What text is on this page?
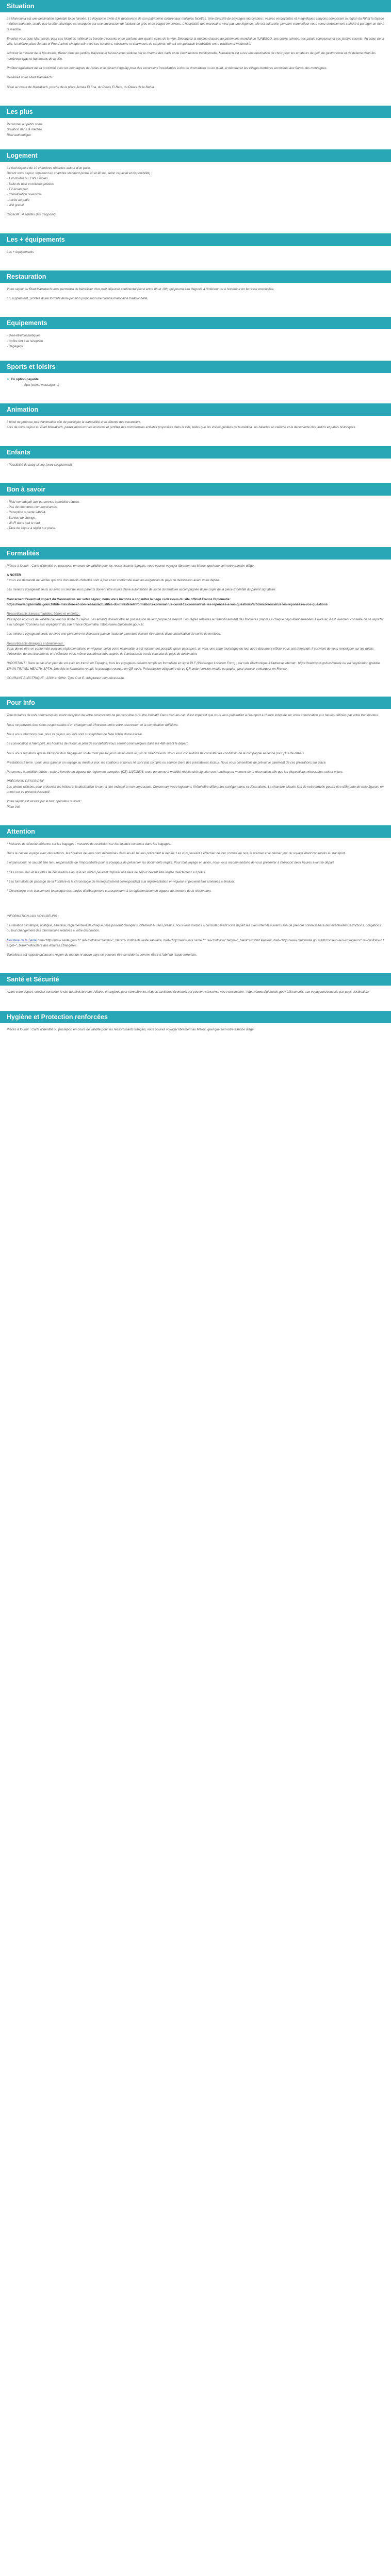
Situation

La Mamounia est une destination agréable toute l'année. Le Royaume invite à la découverte de son patrimoine culturel aux multiples facettes. Une diversité de paysages incroyables : vallées verdoyantes et magnifiques canyons composent la région du Rif et la façade méditerranéenne, tandis que la côte atlantique est marquée par une succession de falaises de grès et de plages immenses. L'hospitalité des marocains n'est pas une légende, elle est culturelle, pendant votre séjour vous serez certainement sollicité à partager un thé à la menthe.

Envolez-vous pour Marrakech, pour ses histoires millénaires bercée d'accents et de parfums aux quatre coins de la ville. Découvrez la médina classée au patrimoine mondial de l'UNESCO, ses souks animés, ses palais somptueux et ses jardins secrets. Au cœur de la ville, la célèbre place Jemaa el Fna s'anime chaque soir avec ses conteurs, musiciens et charmeurs de serpents, offrant un spectacle inoubliable entre tradition et modernité.

Admirez le minaret de la Koutoubia, flânez dans les jardins Majorelle et laissez-vous séduire par le charme des riads et de l'architecture traditionnelle. Marrakech est aussi une destination de choix pour les amateurs de golf, de gastronomie et de détente dans les nombreux spas et hammams de la ville.

Profitez également de sa proximité avec les montagnes de l'Atlas et le désert d'Agafay pour des excursions inoubliables à dos de dromadaire ou en quad, et découvrez les villages berbères accrochés aux flancs des montagnes.

Réservez votre Riad Marrakech !

Situé au coeur de Marrakech, proche de la place Jemaa El Fna, du Palais El Badi, du Palais de la Bahia.

Les plus

Personnel au petits soins

Situation dans la médina

Riad authentique

Logement

Le riad dispose de 10 chambres réparties autour d'un patio.

Durant votre séjour, logement en chambre standard (entre 20 et 40 m², selon capacité et disponibilité) :

- 1 lit double ou 2 lits simples

- Salle de bain et toilettes privées

- TV écran plat

- Climatisation réversible

- Accès au patio

- Wifi gratuit

Capacité : 4 adultes (lits d'appoint).

Les + équipements

Les + équipements

Restauration

Votre séjour au Riad Marrakech vous permettra de bénéficier d'un petit déjeuner continental (servi entre 8h et 10h) qui pourra être dégusté à l'intérieur ou à l'extérieur en terrasse ensoleillée.

En supplément, profitez d'une formule demi-pension proposant une cuisine marocaine traditionnelle.

Equipements

- Bien-être/cosmétiques

- Coffre fort à la réception

- Bagagerie

Sports et loisirs

✦ En option payante

- Spa (soins, massages...)

Animation

L'hôtel ne propose pas d'animation afin de privilégier la tranquillité et la détente des vacanciers.

Lors de votre séjour au Riad Marrakech, partez découvrir les environs et profitez des nombreuses activités proposées dans la ville, telles que les visites guidées de la médina, les balades en calèche et la découverte des jardins et palais historiques.

Enfants

- Possibilité de baby-sitting (avec supplément).

Bon à savoir

- Riad non adapté aux personnes à mobilité réduite.

- Pas de chambres communicantes.

- Réception ouverte 24h/24.

- Service de change.

- Wi-Fi dans tout le riad.

- Taxe de séjour à régler sur place.

Formalités

Pièces à fournir : Carte d'identité ou passeport en cours de validité pour les ressortissants français, vous pouvez voyager librement au Maroc, quel que soit votre tranche d'âge.

A NOTER

Il vous est demandé de vérifier que vos documents d'identité sont à jour et en conformité avec les exigences du pays de destination avant votre départ.

Les mineurs voyageant seuls ou avec un seul de leurs parents doivent être munis d'une autorisation de sortie du territoire accompagnée d'une copie de la pièce d'identité du parent signataire.

Concernant l'éventuel impact du Coronavirus sur votre séjour, nous vous invitons à consulter la page ci-dessous du site officiel France Diplomatie :

https://www.diplomatie.gouv.fr/fr/le-ministere-et-son-reseau/actualites-du-ministere/informations-coronavirus-covid-19/coronavirus-les-reponses-a-vos-questions/article/coronavirus-les-reponses-a-vos-questions

Ressortissants français (adultes, bébés et enfants) :

Passeport en cours de validité couvrant la durée du séjour. Les enfants doivent être en possession de leur propre passeport. Les règles relatives au franchissement des frontières propres à chaque pays étant amenées à évoluer, il est vivement conseillé de se reporter à la rubrique "Conseils aux voyageurs" du site France Diplomatie, https://www.diplomatie.gouv.fr/.

Les mineurs voyageant seuls ou avec une personne ne disposant pas de l'autorité parentale doivent être munis d'une autorisation de sortie de territoire.

Ressortissants étrangers et binationaux :

Vous devez être en conformité avec les règlementations en vigueur, selon votre nationalité. Il est notamment possible qu'un passeport, un visa, une carte touristique ou tout autre document officiel vous soit demandé. Il convient de vous renseigner sur les délais d'obtention de ces documents et d'effectuer vous-même vos démarches auprès de l'ambassade ou du consulat du pays de destination.

IMPORTANT : Dans le cas d'un plan de vol avec un transit en Espagne, tous les voyageurs doivent remplir un formulaire en ligne PLF (Passenger Location Form) ; par voie électronique à l'adresse internet : https://www.spth.gob.es/create ou via l'application gratuite SPAIN TRAVEL HEALTH-SPTH. Une fois le formulaire rempli, le passager recevra un QR code. Présentation obligatoire de ce QR code (version mobile ou papier) pour pouvoir embarquer en France.

COURANT ELECTRIQUE : 220V et 50Hz. Type C et E. Adaptateur non nécessaire.

Pour info

Tous horaires de vols communiqués avant réception de votre convocation ne peuvent être qu'à titre indicatif. Dans tous les cas, il est impératif que vous vous présentiez à l'aéroport à l'heure indiquée sur votre convocation aux heures définies par votre transporteur.

Nous ne pouvons être tenus responsables d'un changement d'horaires entre votre réservation et la convocation définitive.

Nous vous informons que, pour ce séjour, les vols sont susceptibles de faire l'objet d'une escale.

La convocation à l'aéroport, les horaires de retour, le plan de vol définitif vous seront communiqués dans les 48h avant le départ.

Nous vous signalons que le transport d'un bagage en soute n'est pas toujours inclus dans le prix du billet d'avion. Nous vous conseillons de consulter les conditions de la compagnie aérienne pour plus de détails.

Prestations à terre : pour vous garantir un voyage au meilleur prix, les cotations et bonus ne sont pas compris ou service client des prestataires locaux. Nous vous conseillons de prévoir le paiement de ces prestations sur place.

Personnes à mobilité réduite : suite à l'entrée en vigueur du règlement européen (CE) 1107/2006, toute personne à mobilité réduite doit signaler son handicap au moment de la réservation afin que les dispositions nécessaires soient prises.

PRÉCISION DESCRIPTIF

Les photos utilisées pour présenter les hôtels et la destination le sont à titre indicatif et non contractuel. Concernant votre logement, l'hôtel offre différentes configurations et décorations. La chambre allouée lors de votre arrivée pourra être différente de celle figurant en photo sur ce présent descriptif.

Votre séjour est assuré par le tour opérateur suivant :

Pinto Voir

Attention

* Mesures de sécurité aérienne sur les bagages : mesures de restriction sur les liquides contenus dans les bagages.

Dans le cas de voyage avec des enfants, les horaires de vous sont déterminés dans les 48 heures précédant le départ. Les vols peuvent s'effectuer de jour comme de nuit, le premier et le dernier jour du voyage étant consacrés au transport.

L'organisateur ne saurait être tenu responsable de l'impossibilité pour le voyageur de présenter les documents requis. Pour tout voyage en avion, nous vous recommandons de vous présenter à l'aéroport deux heures avant le départ.

* Les communes et les villes de destination ainsi que les hôtels peuvent imposer une taxe de séjour devant être réglée directement sur place.

* Les formalités de passage de la frontière et la chronologie de l'enregistrement correspondant à la réglementation en vigueur et peuvent être amenées à évoluer.

* Chronologie et le classement touristique des modes d'hébergement correspondent à la réglementation en vigueur au moment de la réservation.

INFORMATION AUX VOYAGEURS :

La situation climatique, politique, sanitaire, réglementaire de chaque pays pouvant changer subitement et sans préavis, nous vous invitons à consulter avant votre départ les sites internet suivants afin de prendre connaissance des éventuelles restrictions, obligations ou tout changement des informations relatives à votre destination.

Ministère de la Santé href="http://www.sante.gouv.fr" rel="nofollow" target="_blank"> Institut de veille sanitaire, href="http://www.invs.sante.fr" rel="nofollow" target="_blank">Institut Pasteur, href="http://www.diplomatie.gouv.fr/fr/conseils-aux-voyageurs/" rel="nofollow" target="_blank">Ministère des Affaires Étrangères

Toutefois il est rappelé qu'aucune région du monde ni aucun pays ne peuvent être considérés comme étant à l'abri du risque terroriste.

Santé et Sécurité

Avant votre départ, veuillez consulter le site du ministère des Affaires étrangères pour connaître les risques sanitaires éventuels qui peuvent concerner votre destination : https://www.diplomatie.gouv.fr/fr/conseils-aux-voyageurs/conseils-par-pays-destination/

Hygiène et Protection renforcées

Pièces à fournir : Carte d'identité ou passeport en cours de validité pour les ressortissants français, vous pouvez voyager librement au Maroc, quel que soit votre tranche d'âge.
